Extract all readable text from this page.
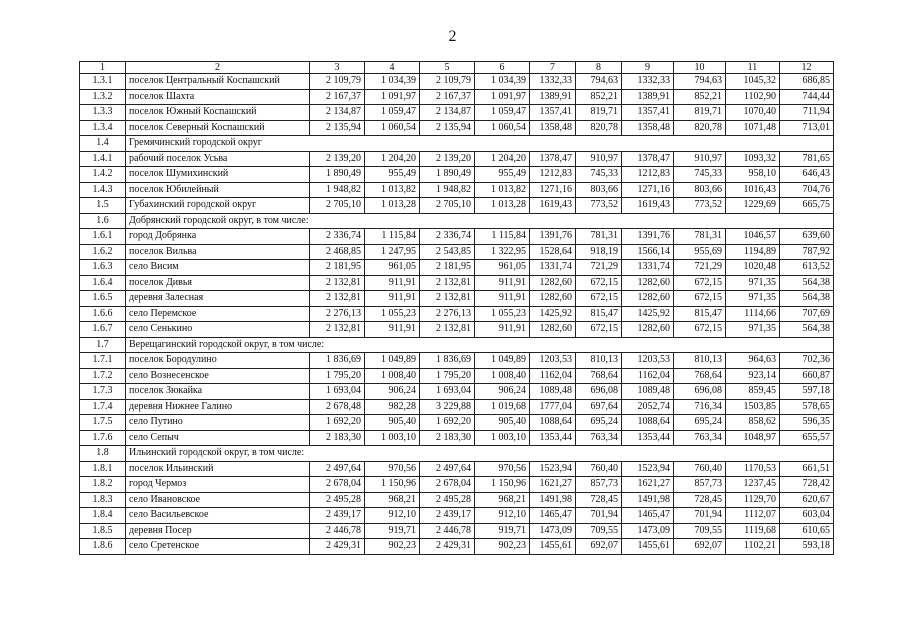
2
1	2	3	4	5	6	7	8	9	10	11	12
1.3.1	поселок Центральный Коспашский	2 109,79	1 034,39	2 109,79	1 034,39	1332,33	794,63	1332,33	794,63	1045,32	686,85
1.3.2	поселок Шахта	2 167,37	1 091,97	2 167,37	1 091,97	1389,91	852,21	1389,91	852,21	1102,90	744,44
1.3.3	поселок Южный Коспашский	2 134,87	1 059,47	2 134,87	1 059,47	1357,41	819,71	1357,41	819,71	1070,40	711,94
1.3.4	поселок Северный Коспашский	2 135,94	1 060,54	2 135,94	1 060,54	1358,48	820,78	1358,48	820,78	1071,48	713,01
1.4	Гремячинский городской округ										
1.4.1	рабочий поселок Усьва	2 139,20	1 204,20	2 139,20	1 204,20	1378,47	910,97	1378,47	910,97	1093,32	781,65
1.4.2	поселок Шумихинский	1 890,49	955,49	1 890,49	955,49	1212,83	745,33	1212,83	745,33	958,10	646,43
1.4.3	поселок Юбилейный	1 948,82	1 013,82	1 948,82	1 013,82	1271,16	803,66	1271,16	803,66	1016,43	704,76
1.5	Губахинский городской округ	2 705,10	1 013,28	2 705,10	1 013,28	1619,43	773,52	1619,43	773,52	1229,69	665,75
1.6	Добрянский городской округ, в том числе:										
1.6.1	город Добрянка	2 336,74	1 115,84	2 336,74	1 115,84	1391,76	781,31	1391,76	781,31	1046,57	639,60
1.6.2	поселок Вильва	2 468,85	1 247,95	2 543,85	1 322,95	1528,64	918,19	1566,14	955,69	1194,89	787,92
1.6.3	село Висим	2 181,95	961,05	2 181,95	961,05	1331,74	721,29	1331,74	721,29	1020,48	613,52
1.6.4	поселок Дивья	2 132,81	911,91	2 132,81	911,91	1282,60	672,15	1282,60	672,15	971,35	564,38
1.6.5	деревня Залесная	2 132,81	911,91	2 132,81	911,91	1282,60	672,15	1282,60	672,15	971,35	564,38
1.6.6	село Перемское	2 276,13	1 055,23	2 276,13	1 055,23	1425,92	815,47	1425,92	815,47	1114,66	707,69
1.6.7	село Сенькино	2 132,81	911,91	2 132,81	911,91	1282,60	672,15	1282,60	672,15	971,35	564,38
1.7	Верещагинский городской округ, в том числе:										
1.7.1	поселок Бородулино	1 836,69	1 049,89	1 836,69	1 049,89	1203,53	810,13	1203,53	810,13	964,63	702,36
1.7.2	село Вознесенское	1 795,20	1 008,40	1 795,20	1 008,40	1162,04	768,64	1162,04	768,64	923,14	660,87
1.7.3	поселок Зюкайка	1 693,04	906,24	1 693,04	906,24	1089,48	696,08	1089,48	696,08	859,45	597,18
1.7.4	деревня Нижнее Галино	2 678,48	982,28	3 229,88	1 019,68	1777,04	697,64	2052,74	716,34	1503,85	578,65
1.7.5	село Путино	1 692,20	905,40	1 692,20	905,40	1088,64	695,24	1088,64	695,24	858,62	596,35
1.7.6	село Сепыч	2 183,30	1 003,10	2 183,30	1 003,10	1353,44	763,34	1353,44	763,34	1048,97	655,57
1.8	Ильинский городской округ, в том числе:										
1.8.1	поселок Ильинский	2 497,64	970,56	2 497,64	970,56	1523,94	760,40	1523,94	760,40	1170,53	661,51
1.8.2	город Чермоз	2 678,04	1 150,96	2 678,04	1 150,96	1621,27	857,73	1621,27	857,73	1237,45	728,42
1.8.3	село Ивановское	2 495,28	968,21	2 495,28	968,21	1491,98	728,45	1491,98	728,45	1129,70	620,67
1.8.4	село Васильевское	2 439,17	912,10	2 439,17	912,10	1465,47	701,94	1465,47	701,94	1112,07	603,04
1.8.5	деревня Посер	2 446,78	919,71	2 446,78	919,71	1473,09	709,55	1473,09	709,55	1119,68	610,65
1.8.6	село Сретенское	2 429,31	902,23	2 429,31	902,23	1455,61	692,07	1455,61	692,07	1102,21	593,18
